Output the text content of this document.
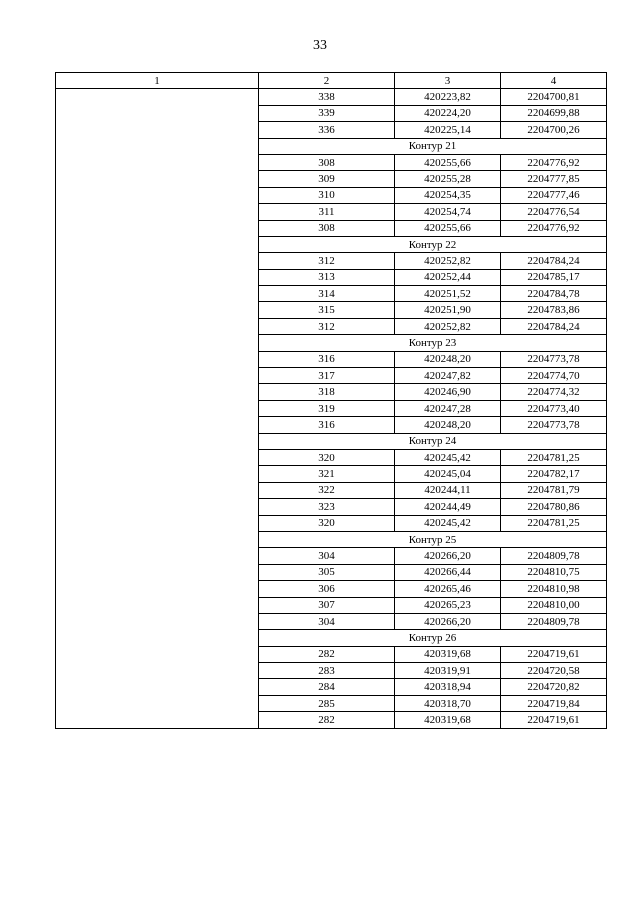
33
1	2	3	4
	338	420223,82	2204700,81
	339	420224,20	2204699,88
	336	420225,14	2204700,26
	Контур 21		
	308	420255,66	2204776,92
	309	420255,28	2204777,85
	310	420254,35	2204777,46
	311	420254,74	2204776,54
	308	420255,66	2204776,92
	Контур 22		
	312	420252,82	2204784,24
	313	420252,44	2204785,17
	314	420251,52	2204784,78
	315	420251,90	2204783,86
	312	420252,82	2204784,24
	Контур 23		
	316	420248,20	2204773,78
	317	420247,82	2204774,70
	318	420246,90	2204774,32
	319	420247,28	2204773,40
	316	420248,20	2204773,78
	Контур 24		
	320	420245,42	2204781,25
	321	420245,04	2204782,17
	322	420244,11	2204781,79
	323	420244,49	2204780,86
	320	420245,42	2204781,25
	Контур 25		
	304	420266,20	2204809,78
	305	420266,44	2204810,75
	306	420265,46	2204810,98
	307	420265,23	2204810,00
	304	420266,20	2204809,78
	Контур 26		
	282	420319,68	2204719,61
	283	420319,91	2204720,58
	284	420318,94	2204720,82
	285	420318,70	2204719,84
	282	420319,68	2204719,61
